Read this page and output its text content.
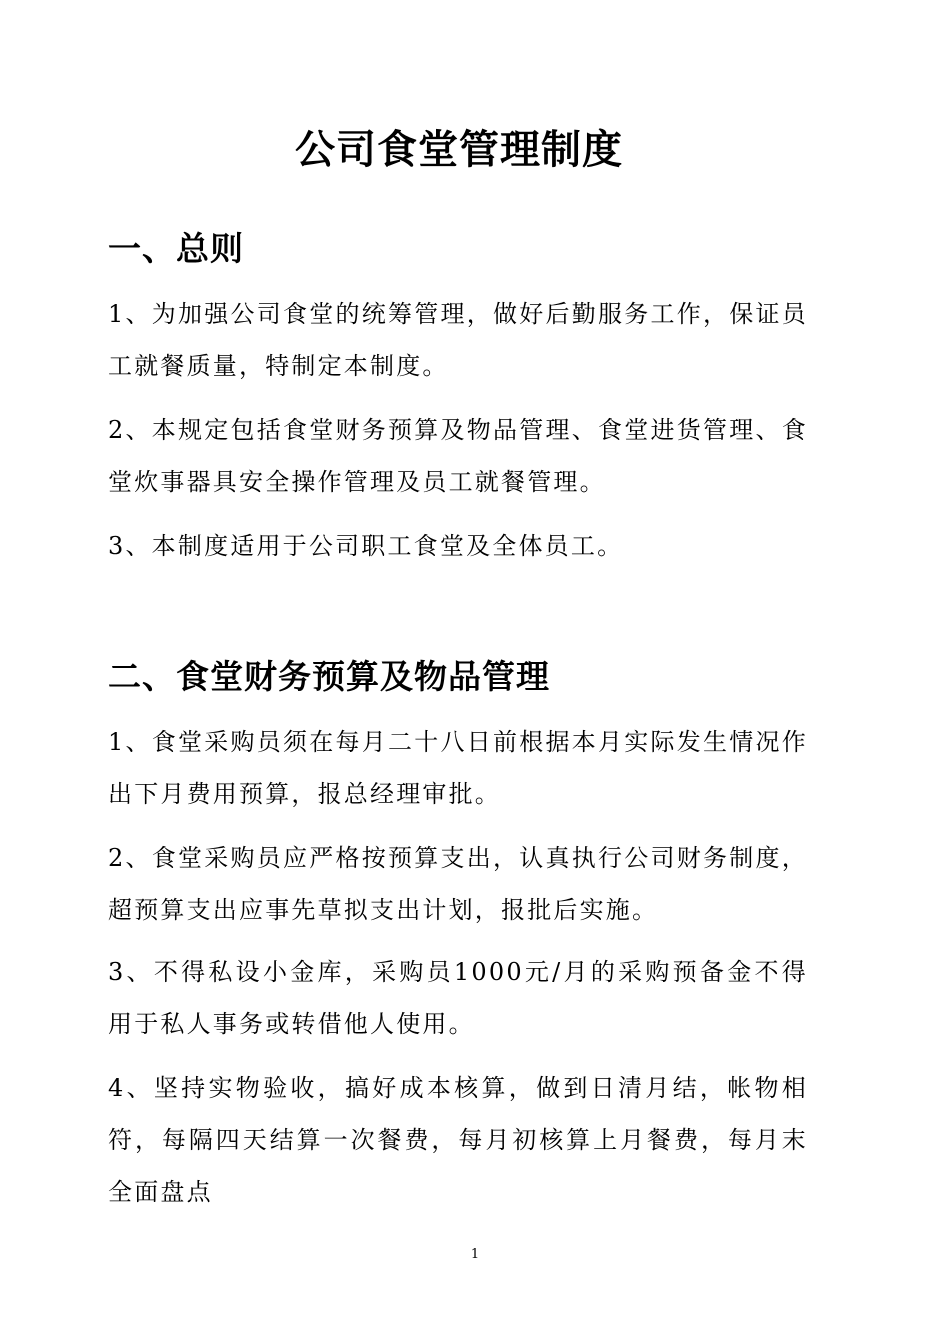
公司食堂管理制度
一、总则
1、为加强公司食堂的统筹管理，做好后勤服务工作，保证员工就餐质量，特制定本制度。
2、本规定包括食堂财务预算及物品管理、食堂进货管理、食堂炊事器具安全操作管理及员工就餐管理。
3、本制度适用于公司职工食堂及全体员工。
二、食堂财务预算及物品管理
1、食堂采购员须在每月二十八日前根据本月实际发生情况作出下月费用预算，报总经理审批。
2、食堂采购员应严格按预算支出，认真执行公司财务制度，超预算支出应事先草拟支出计划，报批后实施。
3、不得私设小金库，采购员1000元/月的采购预备金不得用于私人事务或转借他人使用。
4、坚持实物验收，搞好成本核算，做到日清月结，帐物相符，每隔四天结算一次餐费，每月初核算上月餐费，每月末全面盘点
1
